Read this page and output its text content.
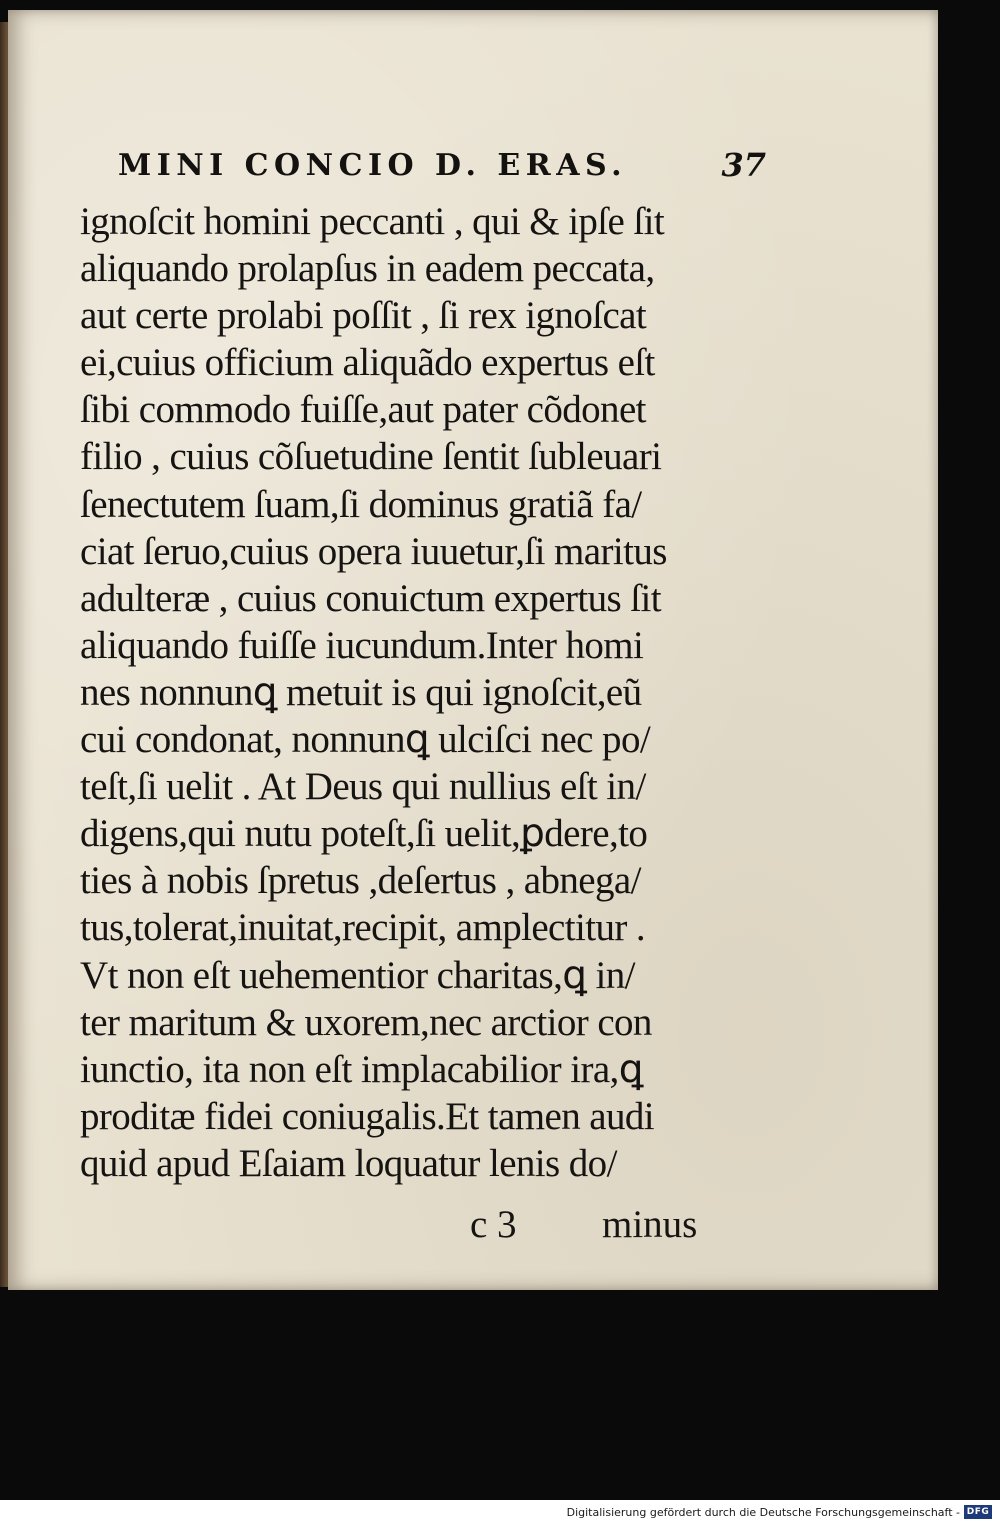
MINI CONCIO D. ERAS.	37
ignoſcit homini peccanti , qui & ipſe ſit
aliquando prolapſus in eadem peccata,
aut certe prolabi poſſit , ſi rex ignoſcat
ei,cuius officium aliquãdo expertus eſt
ſibi commodo fuiſſe,aut pater cõdonet
filio , cuius cõſuetudine ſentit ſubleuari
ſenectutem ſuam,ſi dominus gratiã fa/
ciat ſeruo,cuius opera iuuetur,ſi maritus
adulteræ , cuius conuictum expertus ſit
aliquando fuiſſe iucundum.Inter homi
nes nonnunꝗ metuit is qui ignoſcit,eũ
cui condonat, nonnunꝗ ulciſci nec po/
teſt,ſi uelit . At Deus qui nullius eſt in/
digens,qui nutu poteſt,ſi uelit,ꝑdere,to
ties à nobis ſpretus ,deſertus , abnega/
tus,tolerat,inuitat,recipit, amplectitur .
Vt non eſt uehementior charitas,ꝗ in/
ter maritum & uxorem,nec arctior con
iunctio, ita non eſt implacabilior ira,ꝗ
proditæ fidei coniugalis.Et tamen audi
quid apud Eſaiam loquatur lenis do/
c 3 minus
Digitalisierung gefördert durch die Deutsche Forschungsgemeinschaft - DFG
